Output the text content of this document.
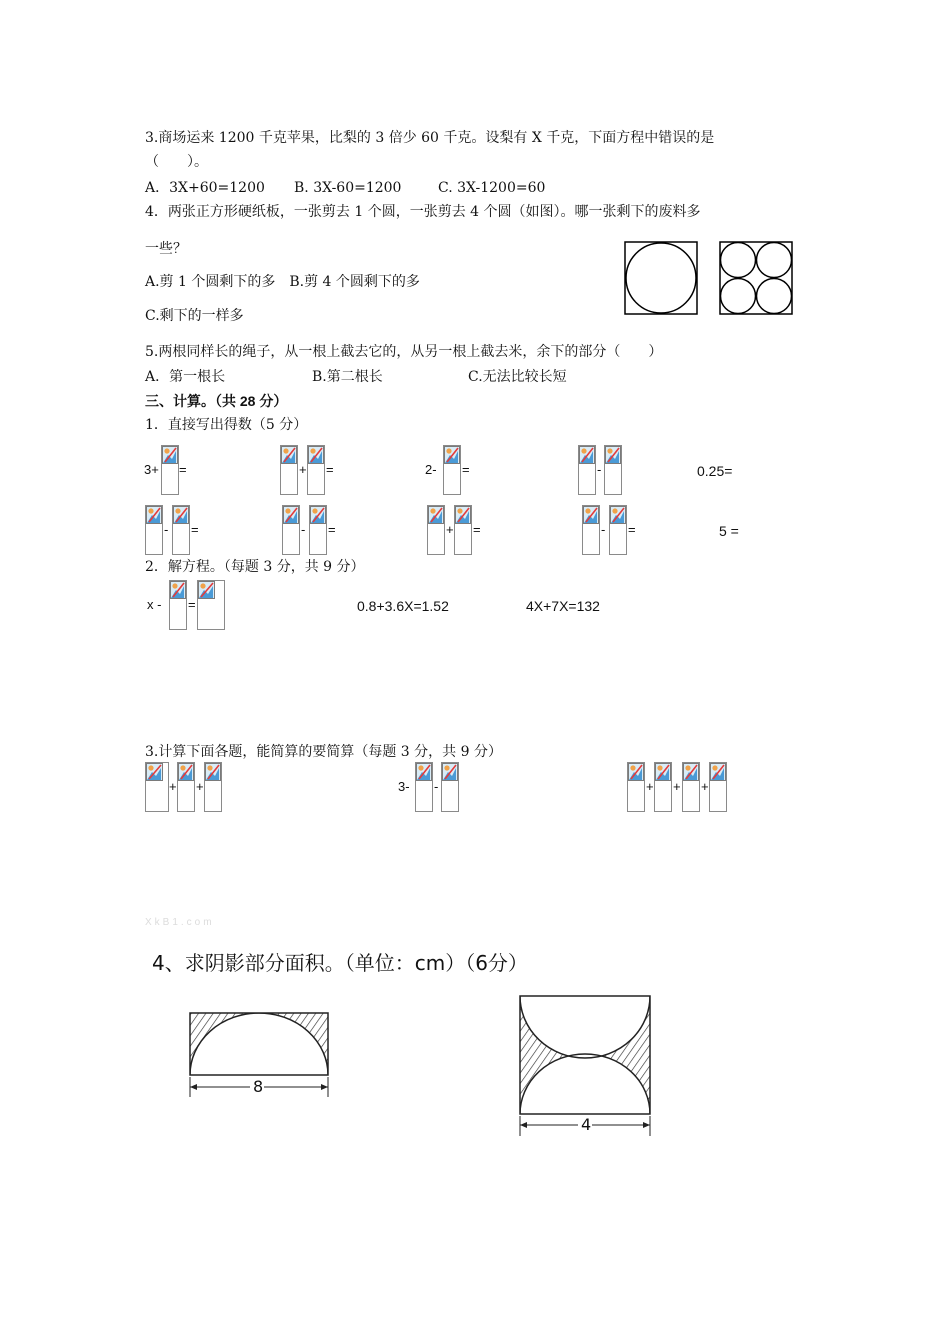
3.商场运来 1200 千克苹果，比梨的 3 倍少 60 千克。设梨有 X 千克，下面方程中错误的是
（　　）。
A．3X+60=1200 B. 3X-60=1200	C. 3X-1200=60
4．两张正方形硬纸板，一张剪去 1 个圆，一张剪去 4 个圆（如图）。哪一张剩下的废料多
一些？
A.剪 1 个圆剩下的多　B.剪 4 个圆剩下的多
C.剩下的一样多
5.两根同样长的绳子，从一根上截去它的，从另一根上截去米，余下的部分（　　）
A．第一根长	B.第二根长	C.无法比较长短
三、计算。（共 28 分）
1．直接写出得数（5 分）
3+ =	+ =	2- =	-	0.25=
- =	- =	+ =	- =	5 =
2．解方程。（每题 3 分，共 9 分）
x - =	0.8+3.6X=1.52	4X+7X=132
3.计算下面各题，能简算的要简算（每题 3 分，共 9 分）
+ +	3- -	+ + +
XkB1.com
4、求阴影部分面积。（单位：cm）（6分）
8
4
